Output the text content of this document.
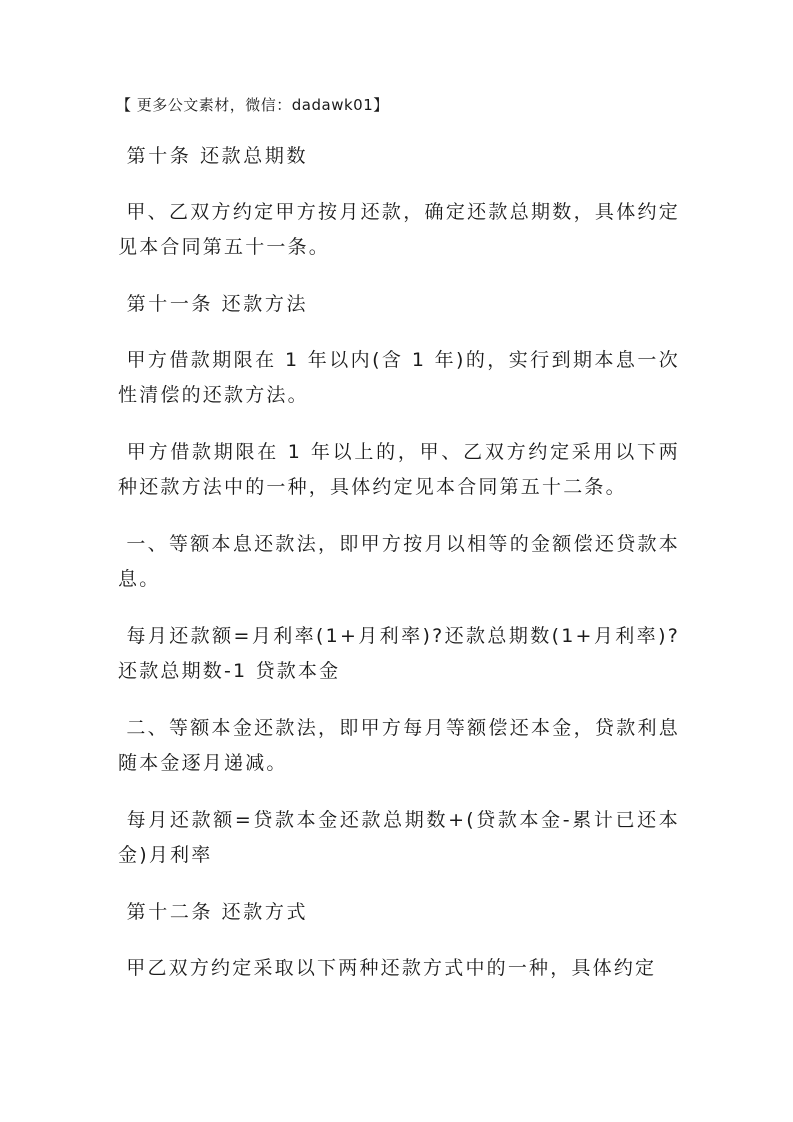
【 更多公文素材，微信：dadawk01】
第十条 还款总期数
甲、乙双方约定甲方按月还款，确定还款总期数，具体约定见本合同第五十一条。
第十一条 还款方法
甲方借款期限在 1 年以内(含 1 年)的，实行到期本息一次性清偿的还款方法。
甲方借款期限在 1 年以上的，甲、乙双方约定采用以下两种还款方法中的一种，具体约定见本合同第五十二条。
一、等额本息还款法，即甲方按月以相等的金额偿还贷款本息。
每月还款额=月利率(1+月利率)?还款总期数(1+月利率)?还款总期数-1 贷款本金
二、等额本金还款法，即甲方每月等额偿还本金，贷款利息随本金逐月递减。
每月还款额=贷款本金还款总期数+(贷款本金-累计已还本金)月利率
第十二条 还款方式
甲乙双方约定采取以下两种还款方式中的一种，具体约定
